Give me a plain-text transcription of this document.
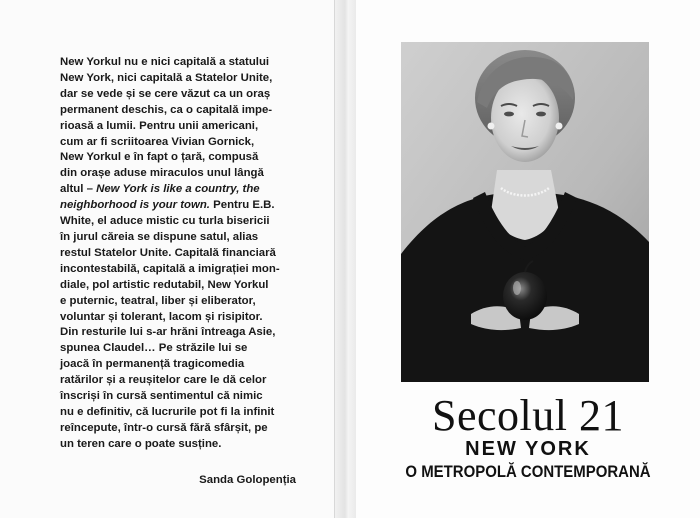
New Yorkul nu e nici capitală a statului
New York, nici capitală a Statelor Unite,
dar se vede și se cere văzut ca un oraș
permanent deschis, ca o capitală impe-
rioasă a lumii. Pentru unii americani,
cum ar fi scriitoarea Vivian Gornick,
New Yorkul e în fapt o țară, compusă
din orașe aduse miraculos unul lângă
altul – New York is like a country, the
neighborhood is your town. Pentru E.B.
White, el aduce mistic cu turla bisericii
în jurul căreia se dispune satul, alias
restul Statelor Unite. Capitală financiară
incontestabilă, capitală a imigrației mon-
diale, pol artistic redutabil, New Yorkul
e puternic, teatral, liber și eliberator,
voluntar și tolerant, lacom și risipitor.
Din resturile lui s-ar hrăni întreaga Asie,
spunea Claudel… Pe străzile lui se
joacă în permanență tragicomedia
ratărilor și a reușitelor care le dă celor
înscriși în cursă sentimentul că nimic
nu e definitiv, că lucrurile pot fi la infinit
reîncepute, într-o cursă fără sfârșit, pe
un teren care o poate susține.
Sanda Golopenția
Secolul 21
NEW YORK
O METROPOLĂ CONTEMPORANĂ
